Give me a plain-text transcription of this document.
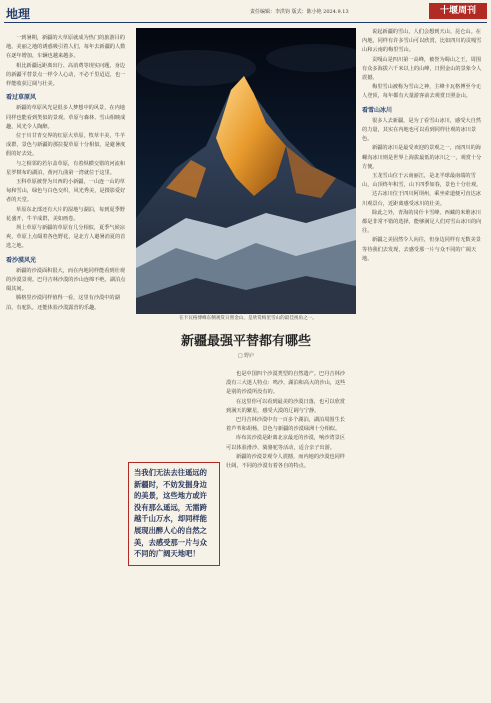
地理	责任编辑：李洪钧 版式：陈小艳 2024.9.13	十堰周刊

一到暑期，新疆的大草原就成为热门的旅游目的地。美丽之地的诱惑吸引着人们，每年去新疆的人数在逐年增加，车辆也越来越多。

相比新疆远距离出行、高消费等现实问题，身边的新疆平替景点一样令人心动，不必千里迢迢，也一样能收获辽阔与壮美。

看过草原风

新疆的草原风光是很多人梦想中的风景，在内地同样也能看到类似的景观。草原与森林、雪山相映成趣，风光令人陶醉。

位于川甘青交界的红原大草原，牧草丰美，牛羊成群，景色与新疆的那拉提草原十分相似，是避暑度假的好去处。

与之相邻的若尔盖草原，有着纵横交错的河流和星罗棋布的湖泊，黄河九曲第一湾就位于这里。

玉科草原被誉为川西的小新疆，一山连一山的草甸和雪山，绿色与白色交织，风光秀美，是摄影爱好者的天堂。

草原东北部还有大片的湿地与湖泊，每到夏季野花盛开，牛羊成群，美如画卷。

坝上草原与新疆的草原有几分相似，夏季气候凉爽，草原上点缀着各色野花，是北方人避暑消夏的首选之地。

看沙漠风光

新疆的沙漠面积很大，而在内地同样能看到壮观的沙漠景观。巴丹吉林沙漠的沙山连绵不绝，湖泊点缀其间。

腾格里沙漠同样值得一看，这里有沙漠中的湖泊，有驼队，还能体验沙漠露营的乐趣。

在卡瓦格博峰东侧观赏日照金山，是欣赏梅里雪山的最佳视角之一。
新疆最强平替都有哪些
□ 野庐

也是中国四个沙漠类型的自然遗产。巴丹吉林沙漠有三大迷人特点：鸣沙、湖泊和高大的沙山，这些是别的沙漠所没有的。

在这里你可以看到最美的沙漠日落，也可以欣赏到满天的繁星，感受大漠的辽阔与宁静。

巴丹吉林沙漠中有一百多个湖泊，湖泊周围生长着芦苇和胡杨，景色与新疆的沙漠绿洲十分相似。

库布其沙漠是距离北京最近的沙漠，响沙湾景区可以体验滑沙、骑骆驼等活动，适合亲子出游。

新疆的沙漠景观令人震撼，而内地的沙漠也同样壮阔，不同的沙漠有着各自的特点。

当我们无法去往遥远的新疆时，不妨发掘身边的美景，这些地方或许没有那么遥远，无需跨越千山万水，却同样能展现出醉人心的自然之美，去感受那一片与众不同的广阔天地吧！

说起新疆的雪山，人们会想到天山、昆仑山。在内地，同样有许多雪山可以欣赏，比如四川的贡嘎雪山和云南的梅里雪山。

贡嘎山是四川第一高峰，被誉为蜀山之王，周围有众多海拔六千米以上的山峰，日照金山的景象令人震撼。

梅里雪山被称为雪山之神，主峰卡瓦格博至今无人登顶，每年都有大量游客前去观赏日照金山。

看雪山冰川

很多人去新疆，是为了看雪山冰川，感受大自然的力量，其实在内地也可以看到同样壮观的冰川景色。

新疆的冰川是最受欢迎的景观之一，而四川的海螺沟冰川则是世界上海拔最低的冰川之一，观赏十分方便。

玉龙雪山位于云南丽江，是北半球最南端的雪山，山顶终年积雪，山下四季如春，景色十分壮观。

达古冰川位于四川阿坝州，乘坐索道便可直达冰川观景台，近距离感受冰川的壮美。

除此之外，青海的岗什卡雪峰、西藏的米堆冰川都是非常不错的选择，能够满足人们对雪山冰川的向往。

新疆之美固然令人向往，但身边同样有无数美景等待我们去发现，去感受那一片与众不同的广阔天地。
